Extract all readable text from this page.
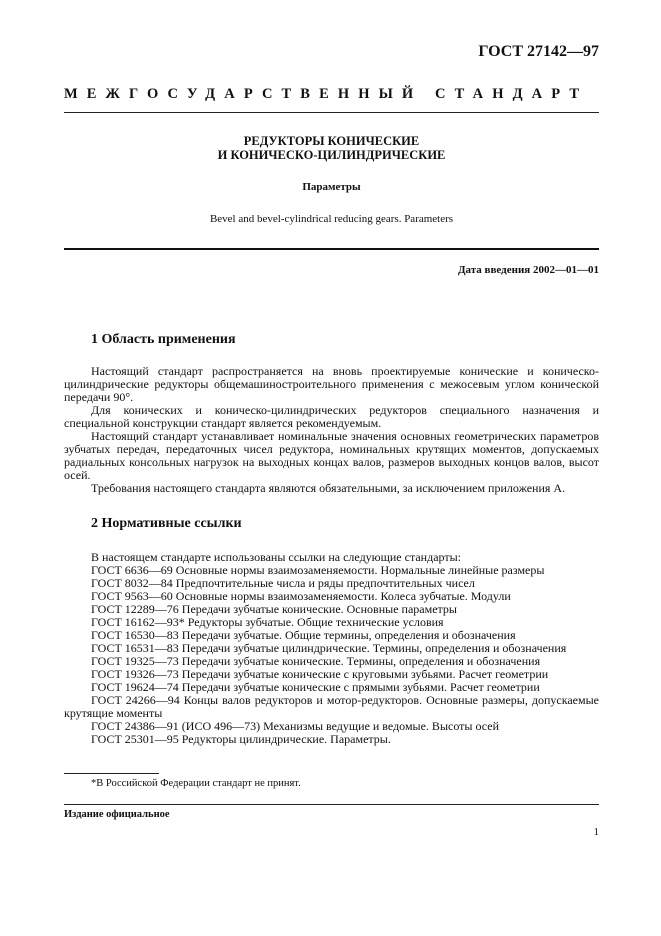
ГОСТ 27142—97
МЕЖГОСУДАРСТВЕННЫЙ СТАНДАРТ
РЕДУКТОРЫ КОНИЧЕСКИЕ
И КОНИЧЕСКО-ЦИЛИНДРИЧЕСКИЕ
Параметры
Bevel and bevel-cylindrical reducing gears. Parameters
Дата введения 2002—01—01
1 Область применения
Настоящий стандарт распространяется на вновь проектируемые конические и коническо-цилиндрические редукторы общемашиностроительного применения с межосевым углом конической передачи 90°.
Для конических и коническо-цилиндрических редукторов специального назначения и специальной конструкции стандарт является рекомендуемым.
Настоящий стандарт устанавливает номинальные значения основных геометрических параметров зубчатых передач, передаточных чисел редуктора, номинальных крутящих моментов, допускаемых радиальных консольных нагрузок на выходных концах валов, размеров выходных концов валов, высот осей.
Требования настоящего стандарта являются обязательными, за исключением приложения А.
2 Нормативные ссылки
В настоящем стандарте использованы ссылки на следующие стандарты:
ГОСТ 6636—69 Основные нормы взаимозаменяемости. Нормальные линейные размеры
ГОСТ 8032—84 Предпочтительные числа и ряды предпочтительных чисел
ГОСТ 9563—60 Основные нормы взаимозаменяемости. Колеса зубчатые. Модули
ГОСТ 12289—76 Передачи зубчатые конические. Основные параметры
ГОСТ 16162—93* Редукторы зубчатые. Общие технические условия
ГОСТ 16530—83 Передачи зубчатые. Общие термины, определения и обозначения
ГОСТ 16531—83 Передачи зубчатые цилиндрические. Термины, определения и обозначения
ГОСТ 19325—73 Передачи зубчатые конические. Термины, определения и обозначения
ГОСТ 19326—73 Передачи зубчатые конические с круговыми зубьями. Расчет геометрии
ГОСТ 19624—74 Передачи зубчатые конические с прямыми зубьями. Расчет геометрии
ГОСТ 24266—94 Концы валов редукторов и мотор-редукторов. Основные размеры, допускаемые крутящие моменты
ГОСТ 24386—91 (ИСО 496—73) Механизмы ведущие и ведомые. Высоты осей
ГОСТ 25301—95 Редукторы цилиндрические. Параметры.
*В Российской Федерации стандарт не принят.
Издание официальное
1
